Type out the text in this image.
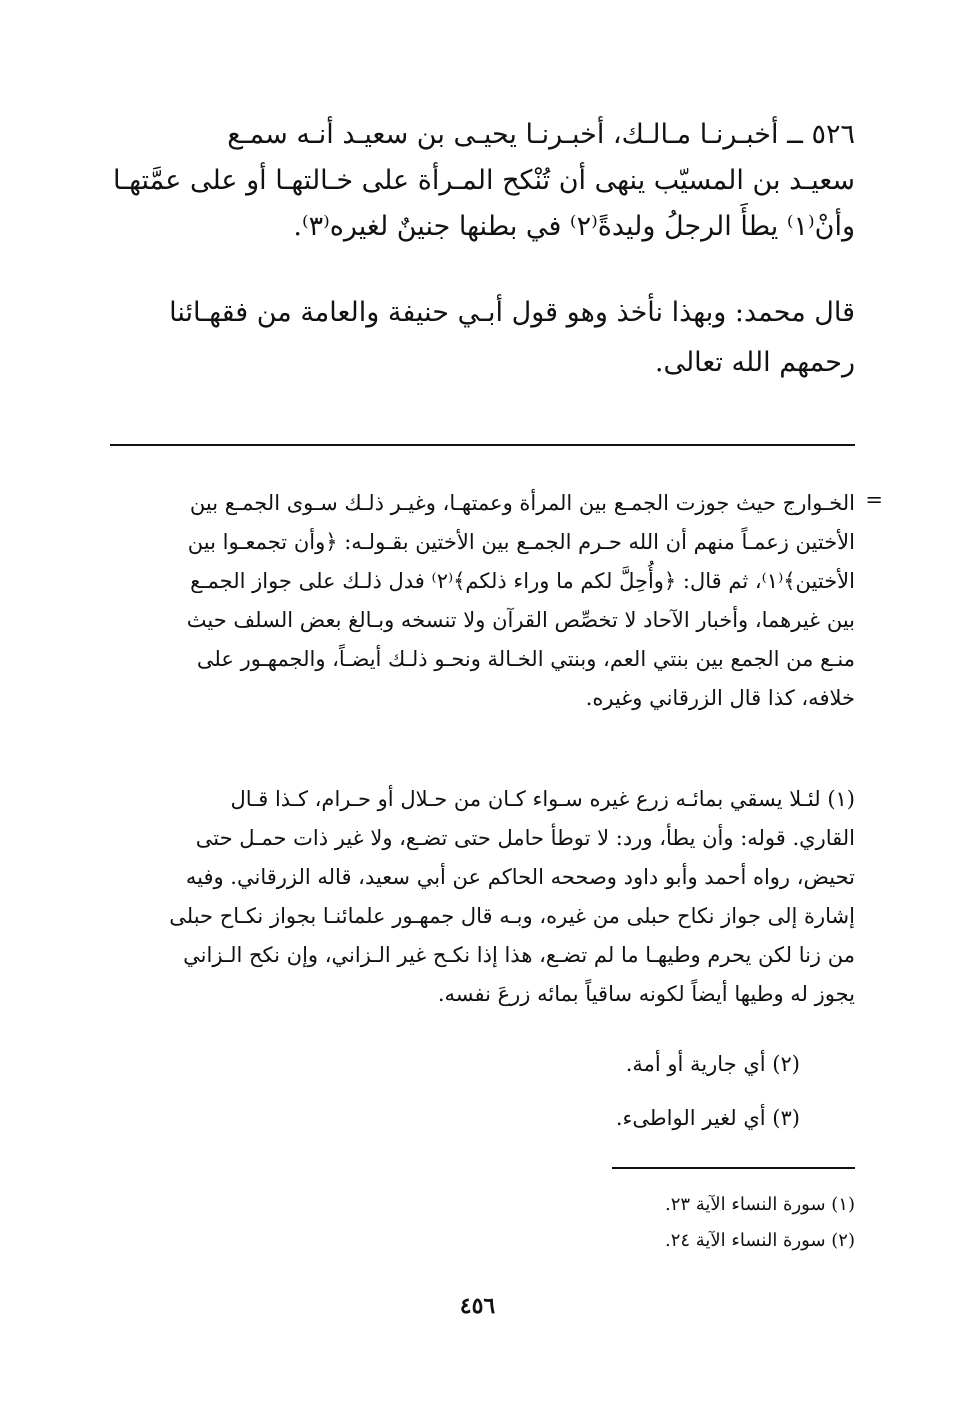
٥٢٦ ــ أخبـرنـا مـالـك، أخبـرنـا يحيـى بن سعيـد أنـه سمـع
سعيـد بن المسيّب ينهى أن تُنْكح المـرأة على خـالتهـا أو على عمَّتهـا
وأنْ⁽١⁾ يطأَ الرجلُ وليدةً⁽٢⁾ في بطنها جنينٌ لغيره⁽٣⁾.
قال محمد: وبهذا نأخذ وهو قول أبـي حنيفة والعامة من فقهـائنا
رحمهم الله تعالى.
=
الخـوارج حيث جوزت الجمـع بين المرأة وعمتهـا، وغيـر ذلـك سـوى الجمـع بين
الأختين زعمـاً منهم أن الله حـرم الجمـع بين الأختين بقـولـه: ﴿وأن تجمعـوا بين
الأختين﴾⁽١⁾، ثم قال: ﴿وأُحِلَّ لكم ما وراء ذلكم﴾⁽٢⁾ فدل ذلـك على جواز الجمـع
بين غيرهما، وأخبار الآحاد لا تخصِّص القرآن ولا تنسخه وبـالغ بعض السلف حيث
منـع من الجمع بين بنتي العم، وبنتي الخـالة ونحـو ذلـك أيضـاً، والجمهـور على
خلافه، كذا قال الزرقاني وغيره.
(١) لئـلا يسقي بمائـه زرع غيره سـواء كـان من حـلال أو حـرام، كـذا قـال
القاري. قوله: وأن يطأ، ورد: لا توطأ حامل حتى تضـع، ولا غير ذات حمـل حتى
تحيض، رواه أحمد وأبو داود وصححه الحاكم عن أبي سعيد، قاله الزرقاني. وفيه
إشارة إلى جواز نكاح حبلى من غيره، وبـه قال جمهـور علمائنـا بجواز نكـاح حبلى
من زنا لكن يحرم وطيهـا ما لم تضـع، هذا إذا نكـح غير الـزاني، وإن نكح الـزاني
يجوز له وطيها أيضاً لكونه ساقياً بمائه زرعَ نفسه.
(٢) أي جارية أو أمة.
(٣) أي لغير الواطىء.
(١) سورة النساء الآية ٢٣.
(٢) سورة النساء الآية ٢٤.
٤٥٦
